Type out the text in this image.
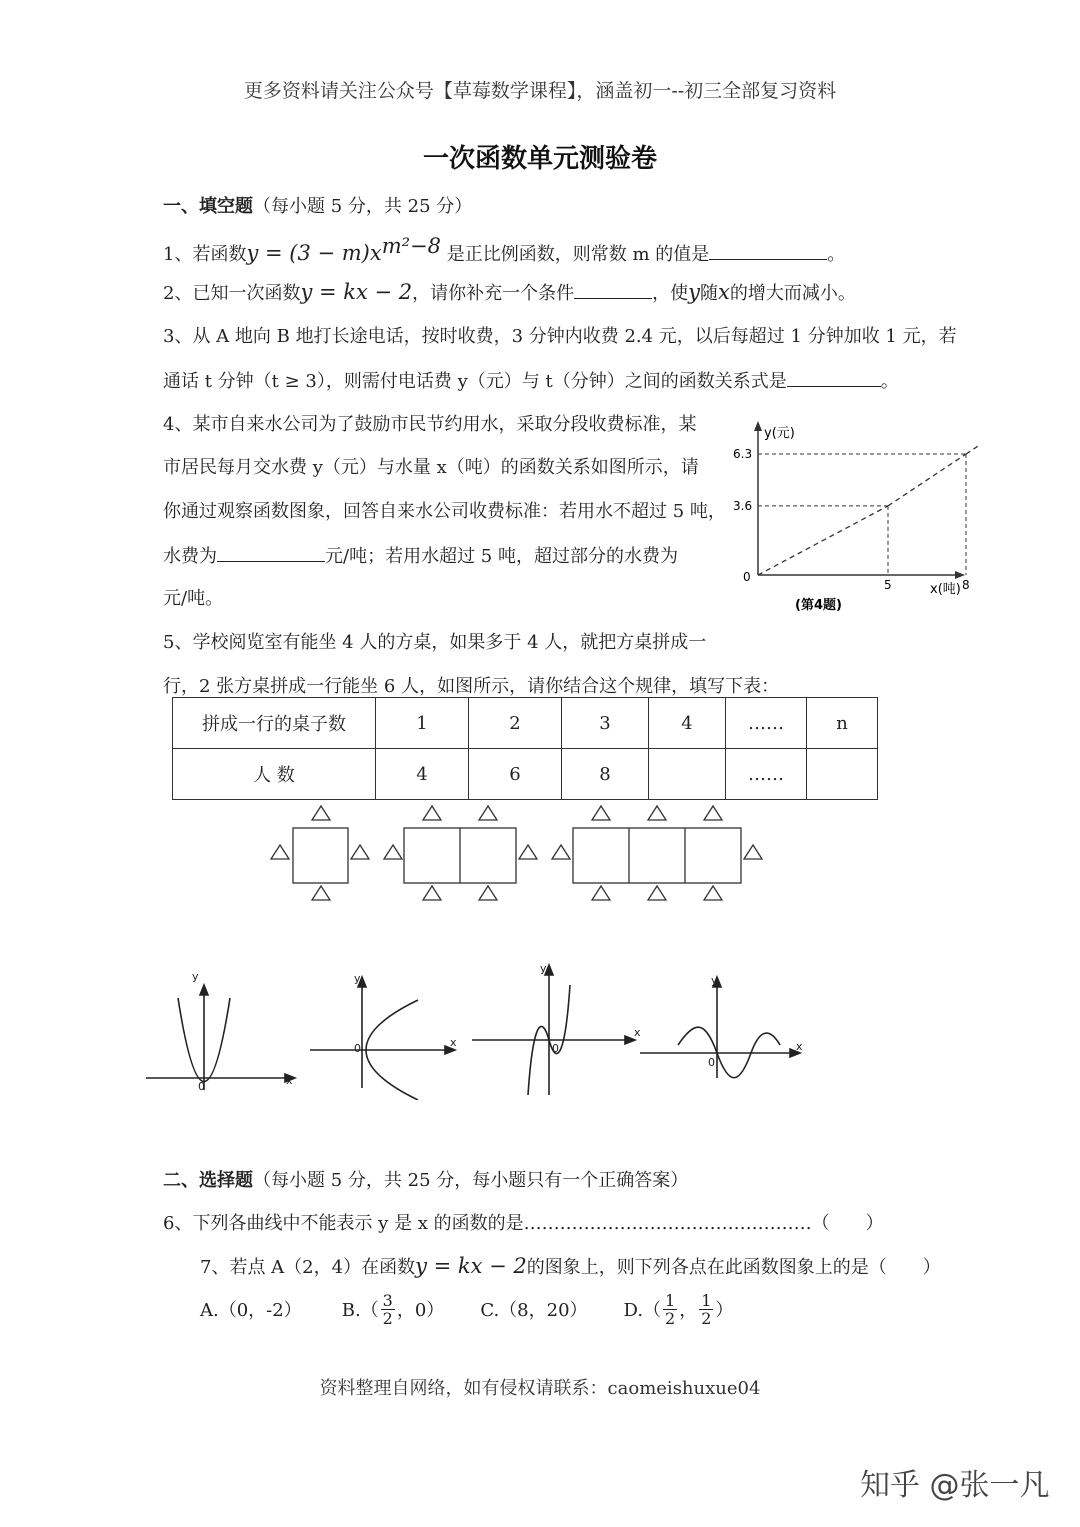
更多资料请关注公众号【草莓数学课程】，涵盖初一--初三全部复习资料
一次函数单元测验卷
一、填空题（每小题 5 分，共 25 分）
1、若函数$y = (3 - m)x^{m^2-8}$ 是正比例函数，则常数 m 的值是	。
2、已知一次函数y = kx − 2，请你补充一个条件	，使y随x的增大而减小。
3、从 A 地向 B 地打长途电话，按时收费，3 分钟内收费 2.4 元，以后每超过 1 分钟加收 1 元，若
通话 t 分钟（t ≥ 3），则需付电话费 y（元）与 t（分钟）之间的函数关系式是	。
4、某市自来水公司为了鼓励市民节约用水，采取分段收费标准，某
市居民每月交水费 y（元）与水量 x（吨）的函数关系如图所示，请
你通过观察函数图象，回答自来水公司收费标准：若用水不超过 5 吨，
水费为	元/吨；若用水超过 5 吨，超过部分的水费为
元/吨。
y(元)
x(吨)
0
3.6
6.3
5	8
(第4题)
5、学校阅览室有能坐 4 人的方桌，如果多于 4 人，就把方桌拼成一
行，2 张方桌拼成一行能坐 6 人，如图所示，请你结合这个规律，填写下表：
拼成一行的桌子数	1	2	3	4	……	n
人 数	4	6	8		……	
y
x
0
y
x
0
y
x
0
y
x
0
二、选择题（每小题 5 分，共 25 分，每小题只有一个正确答案）
6、下列各曲线中不能表示 y 是 x 的函数的是…………………………………………（　　）
7、若点 A（2，4）在函数y = kx − 2的图象上，则下列各点在此函数图象上的是（　　）
A.（0，-2） $B.( \frac{3}{2}$ ，0） C.（8，20） $D.( \frac{1}{2}$ ， $\frac{1}{2}$ ）
资料整理自网络，如有侵权请联系：caomeishuxue04
知乎 @张一凡
